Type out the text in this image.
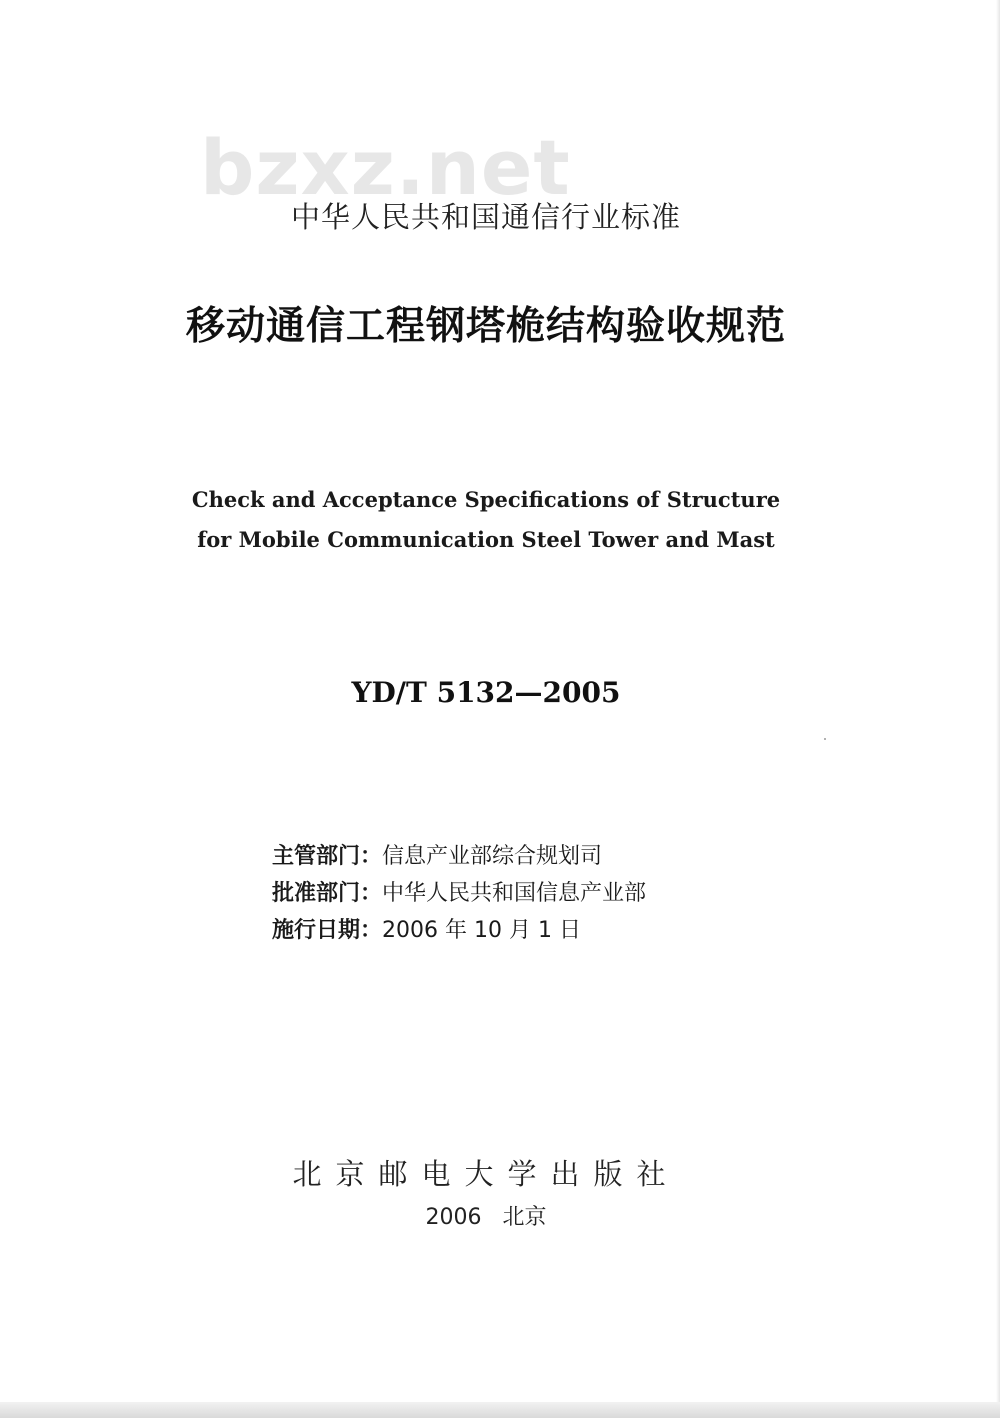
bzxz.net
中华人民共和国通信行业标准
移动通信工程钢塔桅结构验收规范
Check and Acceptance Specifications of Structure
for Mobile Communication Steel Tower and Mast
YD/T 5132—2005
主管部门：信息产业部综合规划司
批准部门：中华人民共和国信息产业部
施行日期：2006 年 10 月 1 日
北京邮电大学出版社
2006 北京
